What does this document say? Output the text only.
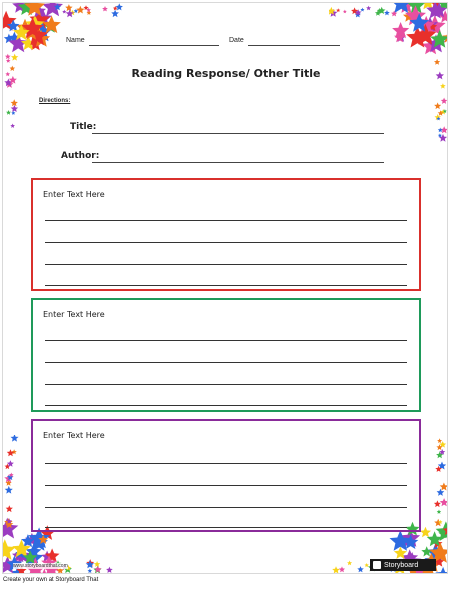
Name	Date
Reading Response/ Other Title
Directions:
Title:
Author:
Enter Text Here
Enter Text Here
Enter Text Here
www.storyboardthat.com	Storyboard
Create your own at Storyboard That
